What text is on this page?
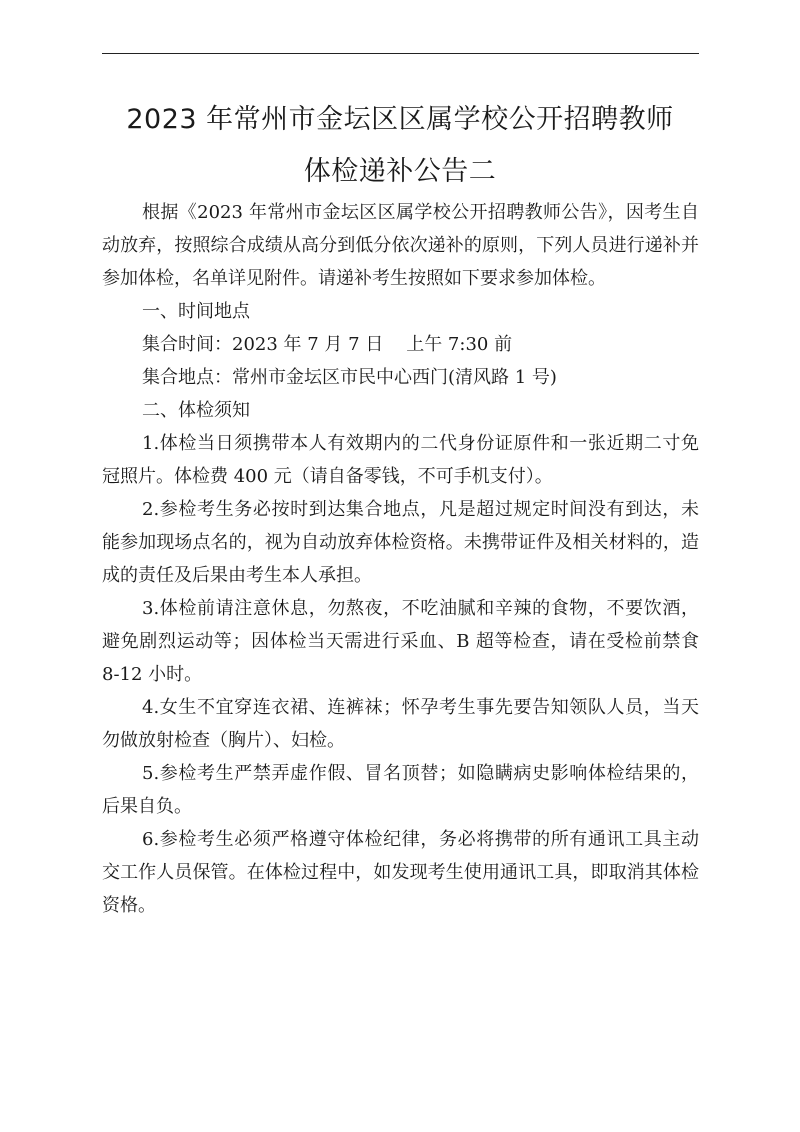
2023 年常州市金坛区区属学校公开招聘教师
体检递补公告二

根据《2023 年常州市金坛区区属学校公开招聘教师公告》，因考生自动放弃，按照综合成绩从高分到低分依次递补的原则，下列人员进行递补并参加体检，名单详见附件。请递补考生按照如下要求参加体检。

一、时间地点

集合时间：2023 年 7 月 7 日    上午 7:30 前

集合地点：常州市金坛区市民中心西门(清风路 1 号)

二、体检须知

1.体检当日须携带本人有效期内的二代身份证原件和一张近期二寸免冠照片。体检费 400 元（请自备零钱，不可手机支付）。

2.参检考生务必按时到达集合地点，凡是超过规定时间没有到达，未能参加现场点名的，视为自动放弃体检资格。未携带证件及相关材料的，造成的责任及后果由考生本人承担。

3.体检前请注意休息，勿熬夜，不吃油腻和辛辣的食物，不要饮酒，避免剧烈运动等；因体检当天需进行采血、B 超等检查，请在受检前禁食 8-12 小时。

4.女生不宜穿连衣裙、连裤袜；怀孕考生事先要告知领队人员，当天勿做放射检查（胸片）、妇检。

5.参检考生严禁弄虚作假、冒名顶替；如隐瞒病史影响体检结果的，后果自负。

6.参检考生必须严格遵守体检纪律，务必将携带的所有通讯工具主动交工作人员保管。在体检过程中，如发现考生使用通讯工具，即取消其体检资格。
